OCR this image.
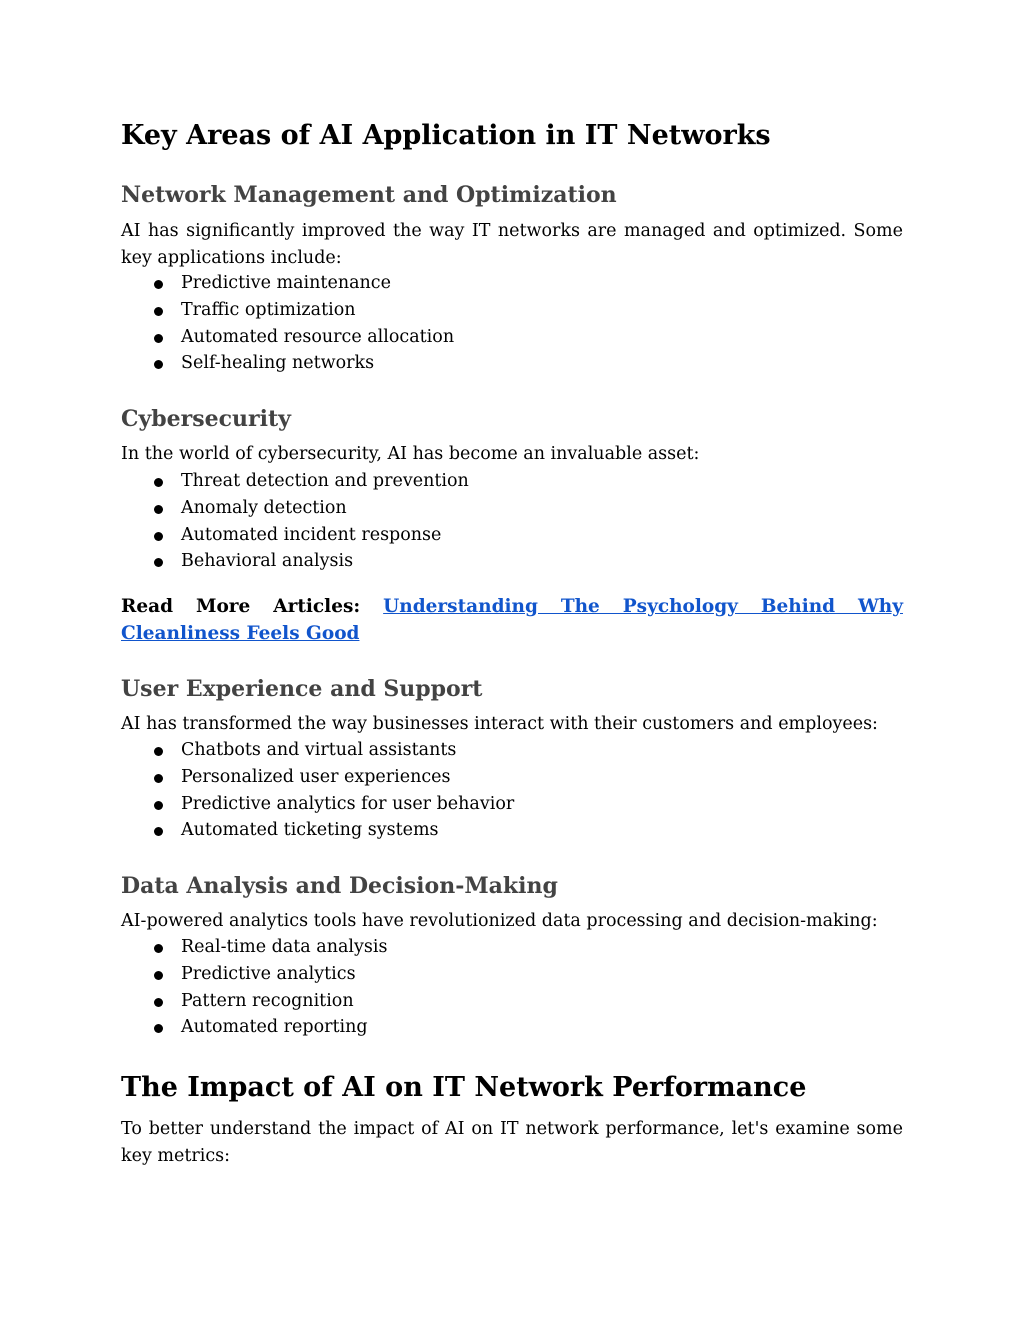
Key Areas of AI Application in IT Networks
Network Management and Optimization

AI has significantly improved the way IT networks are managed and optimized. Some key applications include:

Predictive maintenance
Traffic optimization
Automated resource allocation
Self-healing networks
Cybersecurity

In the world of cybersecurity, AI has become an invaluable asset:

Threat detection and prevention
Anomaly detection
Automated incident response
Behavioral analysis

Read More Articles: Understanding The Psychology Behind Why Cleanliness Feels Good

User Experience and Support

AI has transformed the way businesses interact with their customers and employees:

Chatbots and virtual assistants
Personalized user experiences
Predictive analytics for user behavior
Automated ticketing systems
Data Analysis and Decision-Making

AI-powered analytics tools have revolutionized data processing and decision-making:

Real-time data analysis
Predictive analytics
Pattern recognition
Automated reporting
The Impact of AI on IT Network Performance

To better understand the impact of AI on IT network performance, let's examine some key metrics:
